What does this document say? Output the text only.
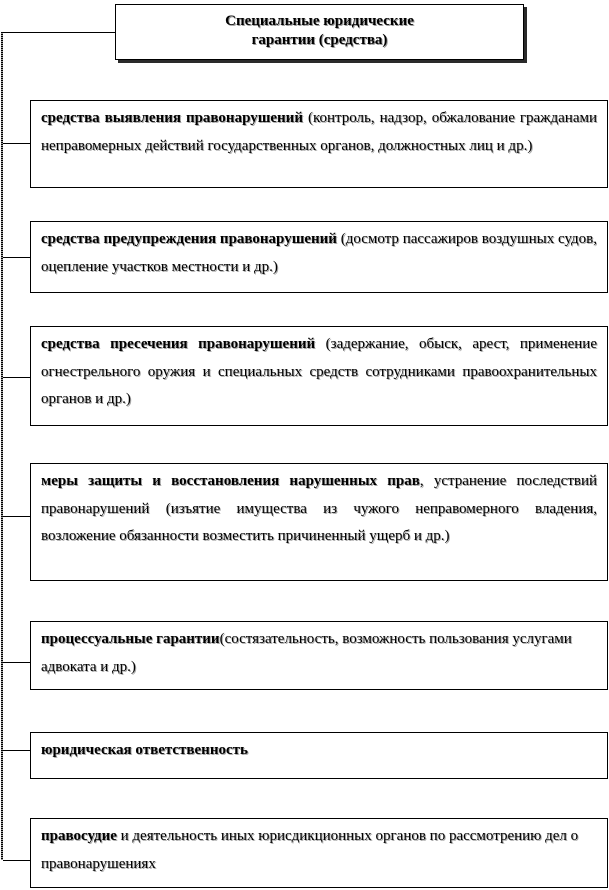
Специальные юридические
гарантии (средства)
средства выявления правонарушений (контроль, надзор, обжалование гражданами неправомерных действий государственных органов, должностных лиц и др.)
средства предупреждения правонарушений (досмотр пассажиров воздушных судов, оцепление участков местности и др.)
средства пресечения правонарушений (задержание, обыск, арест, применение огнестрельного оружия и специальных средств сотрудниками правоохранительных органов и др.)
меры защиты и восстановления нарушенных прав, устранение последствий правонарушений (изъятие имущества из чужого неправомерного владения, возложение обязанности возместить причиненный ущерб и др.)
процессуальные гарантии(состязательность, возможность пользования услугами адвоката и др.)
юридическая ответственность
правосудие и деятельность иных юрисдикционных органов по рассмотрению дел о правонарушениях
